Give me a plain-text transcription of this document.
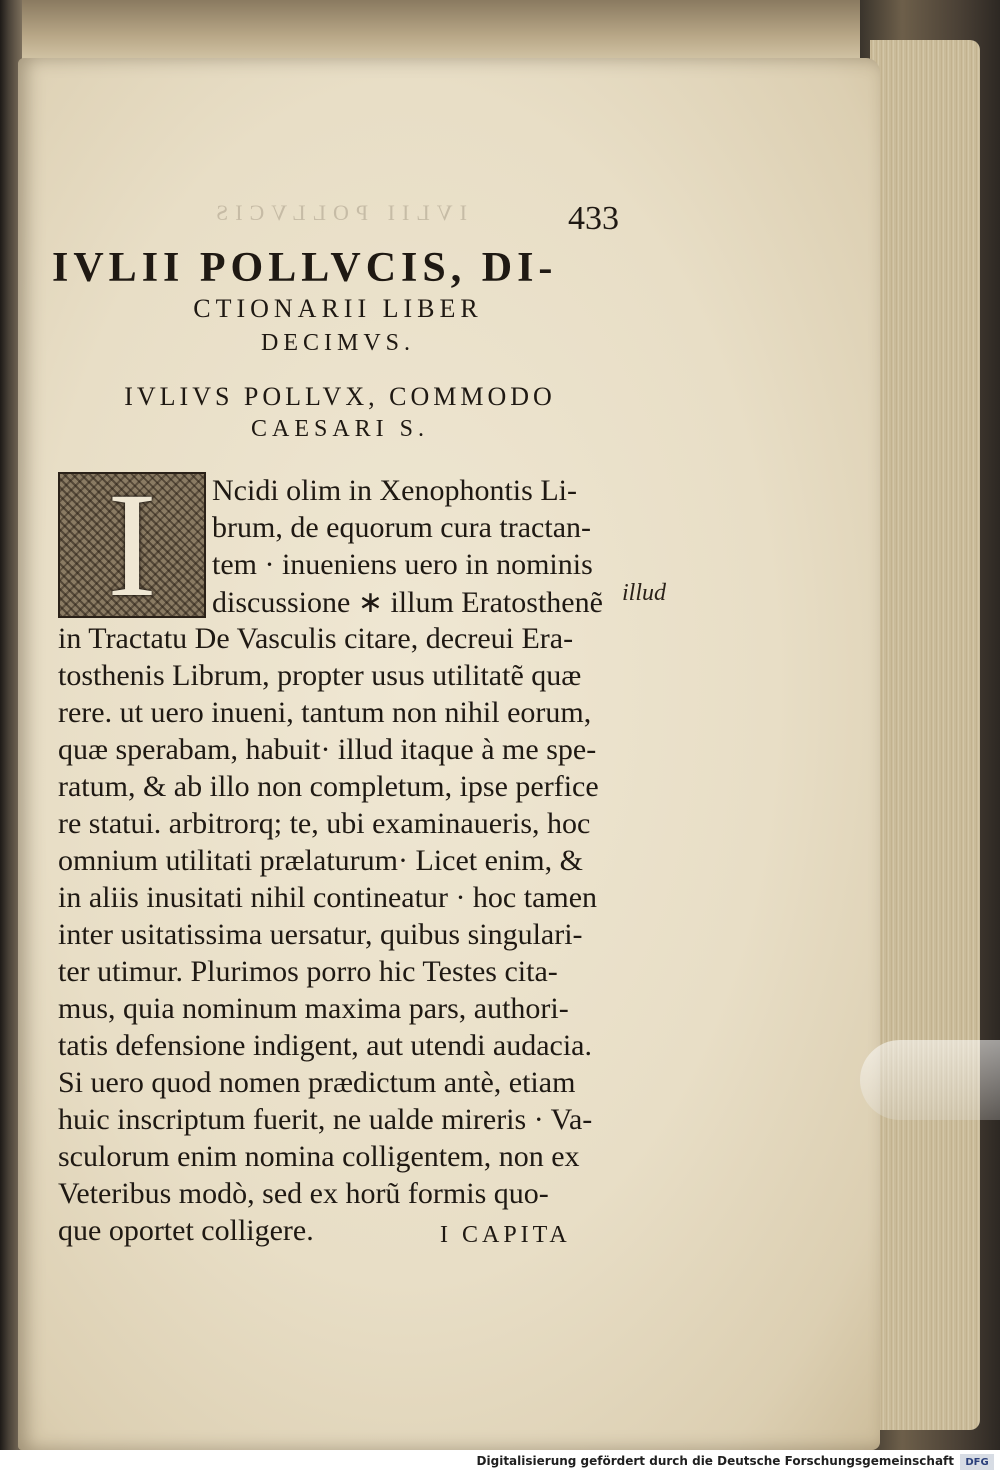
IVLII POLLVCIS	433
IVLII POLLVCIS, DI-
CTIONARII LIBER
DECIMVS.
IVLIVS POLLVX, COMMODO
CAESARI S.
I	Ncidi olim in Xenophontis Li-
brum, de equorum cura tractan-
tem · inueniens uero in nominis
discussione ∗ illum Eratosthenẽ
in Tractatu De Vasculis citare, decreui Era-
tosthenis Librum, propter usus utilitatẽ quæ
rere. ut uero inueni, tantum non nihil eorum,
quæ sperabam, habuit· illud itaque à me spe-
ratum, & ab illo non completum, ipse perfice
re statui. arbitrorq; te, ubi examinaueris, hoc
omnium utilitati prælaturum· Licet enim, &
in aliis inusitati nihil contineatur · hoc tamen
inter usitatissima uersatur, quibus singulari-
ter utimur. Plurimos porro hic Testes cita-
mus, quia nominum maxima pars, authori-
tatis defensione indigent, aut utendi audacia.
Si uero quod nomen prædictum antè, etiam
huic inscriptum fuerit, ne ualde mireris · Va-
sculorum enim nomina colligentem, non ex
Veteribus modò, sed ex horũ formis quo-
que oportet colligere.
illud
I CAPITA
Digitalisierung gefördert durch die Deutsche Forschungsgemeinschaft	DFG
